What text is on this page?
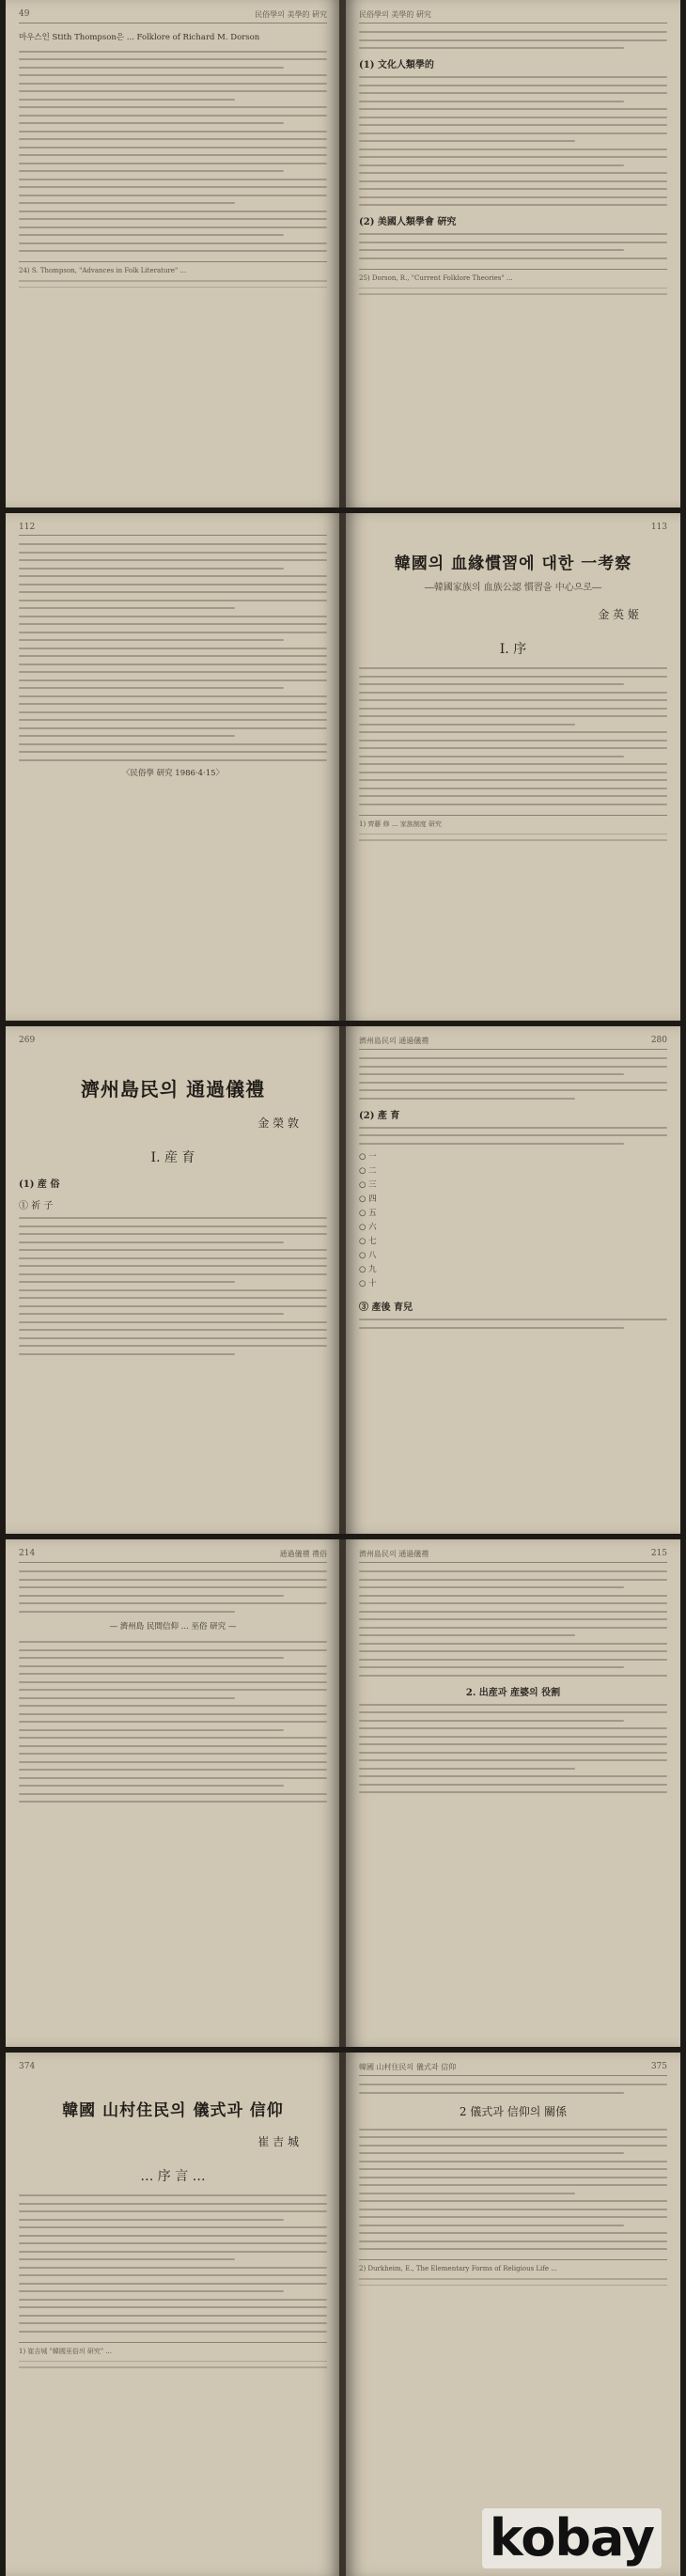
49	民俗學의 美學的 硏究
마우스인 Stith Thompson은 ... Folklore of Richard M. Dorson
24) S. Thompson, "Advances in Folk Literature" ...
民俗學의 美學的 硏究
(1) 文化人類學的
(2) 美國人類學會 硏究
25) Dorson, R., "Current Folklore Theories" ...
112
〈民俗學 研究 1986·4·15〉
113
韓國의 血緣慣習에 대한 一考察
―韓國家族의 血族公認 慣習을 中心으로―
金 英 姬
Ⅰ. 序
1) 齊藤 修 ... 家族制度 研究
269
濟州島民의 通過儀禮
金 榮 敦
Ⅰ. 産 育
(1) 産 俗
① 祈 子
濟州島民의 通過儀禮	280
(2) 產 育
○ 一
○ 二
○ 三
○ 四
○ 五
○ 六
○ 七
○ 八
○ 九
○ 十
③ 產後 育兒
214	通過儀禮 禮俗
— 濟州島 民間信仰 ... 巫俗 研究 —
濟州島民의 通過儀禮	215
2. 出産과 産婆의 役割
374
韓國 山村住民의 儀式과 信仰
崔 吉 城
… 序 言 …
1) 崔吉城 "韓國巫俗의 研究" ...
韓國 山村住民의 儀式과 信仰	375
2 儀式과 信仰의 關係
2) Durkheim, E., The Elementary Forms of Religious Life ...
kobay
